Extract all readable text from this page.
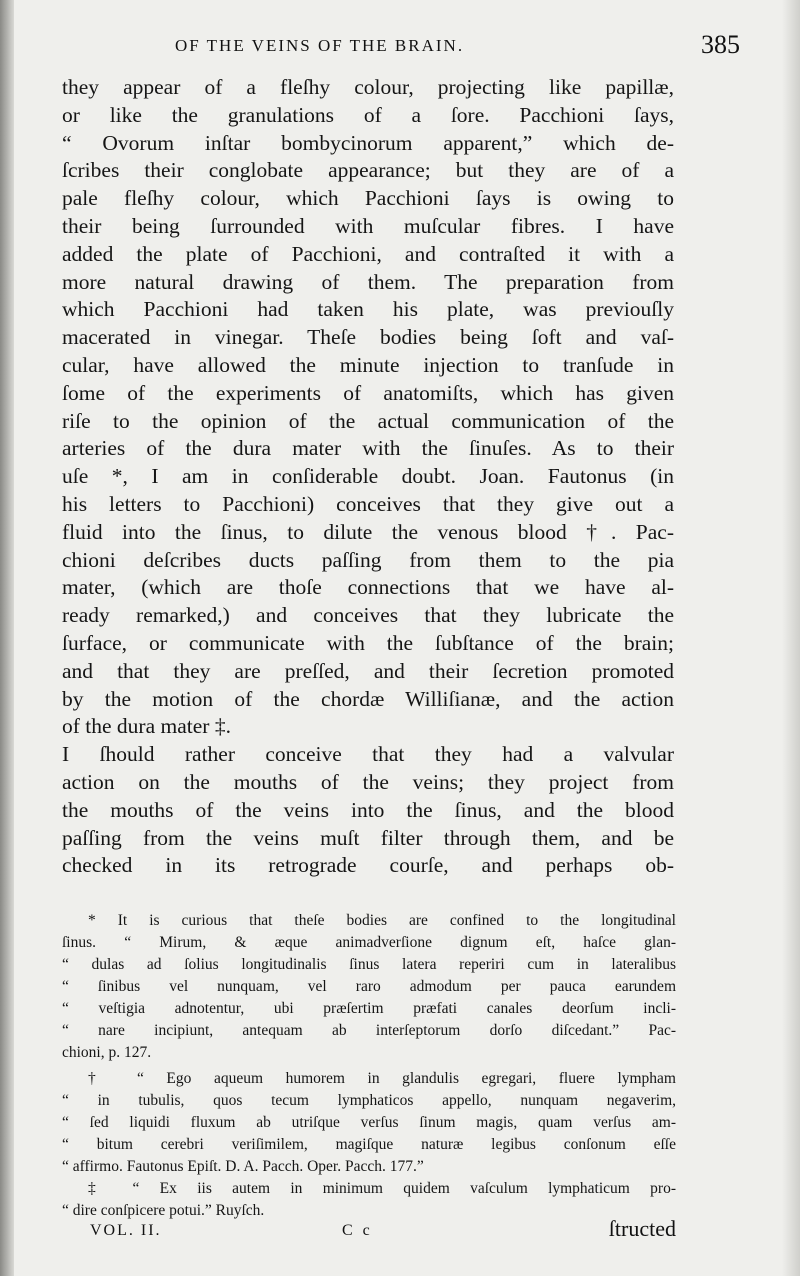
OF THE VEINS OF THE BRAIN.	385
they appear of a fleſhy colour, projecting like papillæ,
or like the granulations of a ſore. Pacchioni ſays,
“ Ovorum inſtar bombycinorum apparent,” which de-
ſcribes their conglobate appearance; but they are of a
pale fleſhy colour, which Pacchioni ſays is owing to
their being ſurrounded with muſcular fibres. I have
added the plate of Pacchioni, and contraſted it with a
more natural drawing of them. The preparation from
which Pacchioni had taken his plate, was previouſly
macerated in vinegar. Theſe bodies being ſoft and vaſ-
cular, have allowed the minute injection to tranſude in
ſome of the experiments of anatomiſts, which has given
riſe to the opinion of the actual communication of the
arteries of the dura mater with the ſinuſes. As to their
uſe *, I am in conſiderable doubt. Joan. Fautonus (in
his letters to Pacchioni) conceives that they give out a
fluid into the ſinus, to dilute the venous blood †. Pac-
chioni deſcribes ducts paſſing from them to the pia
mater, (which are thoſe connections that we have al-
ready remarked,) and conceives that they lubricate the
ſurface, or communicate with the ſubſtance of the brain;
and that they are preſſed, and their ſecretion promoted
by the motion of the chordæ Williſianæ, and the action
of the dura mater ‡.
I ſhould rather conceive that they had a valvular
action on the mouths of the veins; they project from
the mouths of the veins into the ſinus, and the blood
paſſing from the veins muſt filter through them, and be
checked in its retrograde courſe, and perhaps ob-
* It is curious that theſe bodies are confined to the longitudinal
ſinus. “ Mirum, & æque animadverſione dignum eſt, haſce glan-
“ dulas ad ſolius longitudinalis ſinus latera reperiri cum in lateralibus
“ ſinibus vel nunquam, vel raro admodum per pauca earundem
“ veſtigia adnotentur, ubi præſertim præfati canales deorſum incli-
“ nare incipiunt, antequam ab interſeptorum dorſo diſcedant.” Pac-
chioni, p. 127.
† “ Ego aqueum humorem in glandulis egregari, fluere lympham
“ in tubulis, quos tecum lymphaticos appello, nunquam negaverim,
“ ſed liquidi fluxum ab utriſque verſus ſinum magis, quam verſus am-
“ bitum cerebri veriſimilem, magiſque naturæ legibus conſonum eſſe
“ affirmo. Fautonus Epiſt. D. A. Pacch. Oper. Pacch. 177.”
‡ “ Ex iis autem in minimum quidem vaſculum lymphaticum pro-
“ dire conſpicere potui.” Ruyſch.
VOL. II.	C c	ſtructed
